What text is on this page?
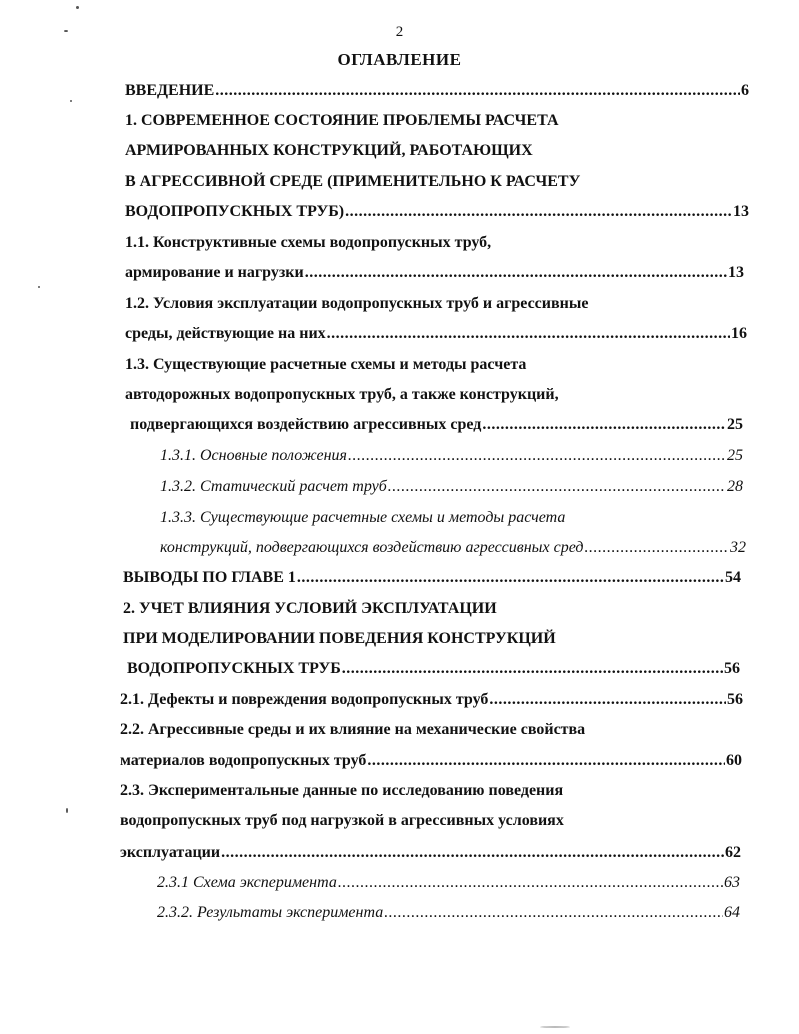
2
ОГЛАВЛЕНИЕ
ВВЕДЕНИЕ .....	6
1. СОВРЕМЕННОЕ СОСТОЯНИЕ ПРОБЛЕМЫ РАСЧЕТА
АРМИРОВАННЫХ КОНСТРУКЦИЙ, РАБОТАЮЩИХ
В АГРЕССИВНОЙ СРЕДЕ (ПРИМЕНИТЕЛЬНО К РАСЧЕТУ
ВОДОПРОПУСКНЫХ ТРУБ) .....	13
1.1. Конструктивные схемы водопропускных труб,
армирование и нагрузки .....	13
1.2. Условия эксплуатации водопропускных труб и агрессивные
среды, действующие на них .....	16
1.3. Существующие расчетные схемы и методы расчета
автодорожных водопропускных труб, а также конструкций,
подвергающихся воздействию агрессивных сред .....	25
1.3.1. Основные положения .....	25
1.3.2. Статический расчет труб .....	28
1.3.3. Существующие расчетные схемы и методы расчета
конструкций, подвергающихся воздействию агрессивных сред .....	32
ВЫВОДЫ ПО ГЛАВЕ 1 .....	54
2. УЧЕТ ВЛИЯНИЯ УСЛОВИЙ ЭКСПЛУАТАЦИИ
ПРИ МОДЕЛИРОВАНИИ ПОВЕДЕНИЯ КОНСТРУКЦИЙ
ВОДОПРОПУСКНЫХ ТРУБ .....	56
2.1. Дефекты и повреждения водопропускных труб .....	56
2.2. Агрессивные среды и их влияние на механические свойства
материалов водопропускных труб .....	60
2.3. Экспериментальные данные по исследованию поведения
водопропускных труб под нагрузкой в агрессивных условиях
эксплуатации .....	62
2.3.1 Схема эксперимента .....	63
2.3.2. Результаты эксперимента .....	64
